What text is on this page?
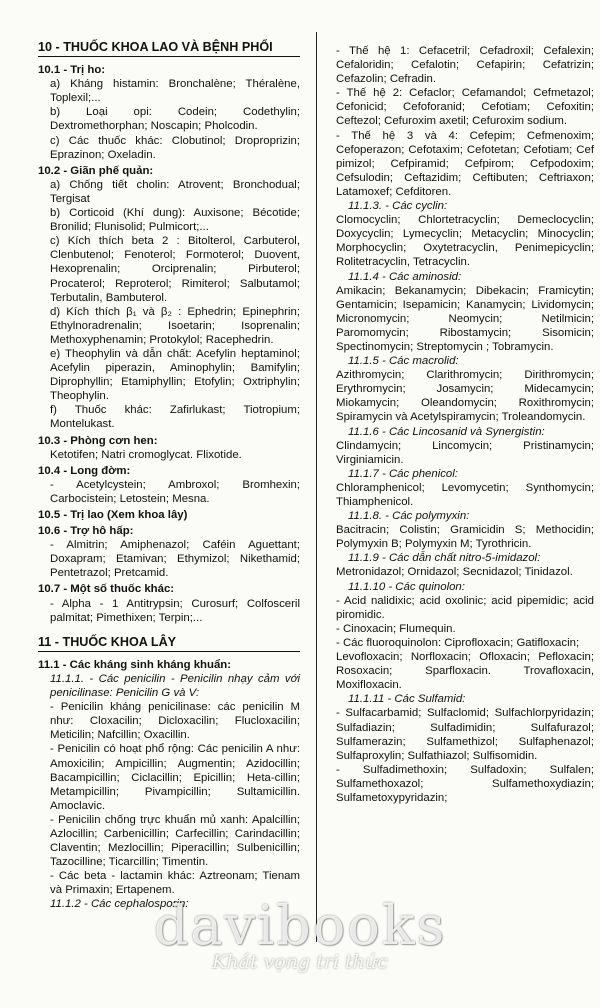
10 - THUỐC KHOA LAO VÀ BỆNH PHỔI
10.1 - Trị ho:
a) Kháng histamin: Bronchalène; Théralène, Toplexil;...
b) Loại opi: Codein; Codethylin; Dextromethorphan; Noscapin; Pholcodin.
c) Các thuốc khác: Clobutinol; Droproprizin; Eprazinon; Oxeladin.
10.2 - Giãn phế quản:
a) Chống tiết cholin: Atrovent; Bronchodual; Tergisat
b) Corticoid (Khí dung): Auxisone; Bécotide; Bronilid; Flunisolid; Pulmicort;...
c) Kích thích beta 2 : Bitolterol, Carbuterol, Clenbutenol; Fenoterol; Formoterol; Duovent, Hexoprenalin; Orciprenalin; Pirbuterol; Procaterol; Reproterol; Rimiterol; Salbutamol; Terbutalin, Bambuterol.
d) Kích thích β₁ và β₂ : Ephedrin; Epinephrin; Ethylnoradrenalin; Isoetarin; Isoprenalin; Methoxyphenamin; Protokylol; Racephedrin.
e) Theophylin và dẫn chất: Acefylin heptaminol; Acefylin piperazin, Aminophylin; Bamifylin; Diprophyllin; Etamiphyllin; Etofylin; Oxtriphylin; Theophylin.
f) Thuốc khác: Zafirlukast; Tiotropium; Montelukast.
10.3 - Phòng cơn hen:
Ketotifen; Natri cromoglycat. Flixotide.
10.4 - Long đờm:
- Acetylcystein; Ambroxol; Bromhexin; Carbocistein; Letostein; Mesna.
10.5 - Trị lao (Xem khoa lây)
10.6 - Trợ hô hấp:
- Almitrin; Amiphenazol; Caféin Aguettant; Doxapram; Etamivan; Ethymizol; Nikethamid; Pentetrazol; Pretcamid.
10.7 - Một số thuốc khác:
- Alpha - 1 Antitrypsin; Curosurf; Colfosceril palmitat; Pimethixen; Terpin;...
11 - THUỐC KHOA LÂY
11.1 - Các kháng sinh kháng khuẩn:
11.1.1. - Các penicilin - Penicilin nhạy cảm với penicilinase: Penicilin G và V:
- Penicilin kháng penicilinase: các penicilin M như: Cloxacilin; Dicloxacilin; Flucloxacilin; Meticilin; Nafcillin; Oxacillin.
- Penicilin có hoạt phổ rộng: Các penicilin A như: Amoxicilin; Ampicillin; Augmentin; Azidocillin; Bacampicillin; Ciclacillin; Epicillin; Heta-cillin; Metampicillin; Pivampicillin; Sultamicillin. Amoclavic.
- Penicilin chống trực khuẩn mủ xanh: Apalcillin; Azlocillin; Carbenicillin; Carfecillin; Carindacillin; Claventin; Mezlocillin; Piperacillin; Sulbenicillin; Tazocilline; Ticarcillin; Timentin.
- Các beta - lactamin khác: Aztreonam; Tienam và Primaxin; Ertapenem.
11.1.2 - Các cephalosporin:
- Thế hệ 1: Cefacetril; Cefadroxil; Cefalexin; Cefaloridin; Cefalotin; Cefapirin; Cefatrizin; Cefazolin; Cefradin.
- Thế hệ 2: Cefaclor; Cefamandol; Cefmetazol; Cefonicid; Cefoforanid; Cefotiam; Cefoxitin; Ceftezol; Cefuroxim axetil; Cefuroxim sodium.
- Thế hệ 3 và 4: Cefepim; Cefmenoxim; Cefoperazon; Cefotaxim; Cefotetan; Cefotiam; Cef pimizol; Cefpiramid; Cefpirom; Cefpodoxim; Cefsulodin; Ceftazidim; Ceftibuten; Ceftriaxon; Latamoxef; Cefditoren.
11.1.3. - Các cyclin:
Clomocyclin; Chlortetracyclin; Demeclocyclin; Doxycyclin; Lymecyclin; Metacyclin; Minocyclin; Morphocyclin; Oxytetracyclin, Penimepicyclin; Rolitetracyclin, Tetracyclin.
11.1.4 - Các aminosid:
Amikacin; Bekanamycin; Dibekacin; Framicytin; Gentamicin; Isepamicin; Kanamycin; Lividomycin; Micronomycin; Neomycin; Netilmicin; Paromomycin; Ribostamycin; Sisomicin; Spectinomycin; Streptomycin ; Tobramycin.
11.1.5 - Các macrolid:
Azithromycin; Clarithromycin; Dirithromycin; Erythromycin; Josamycin; Midecamycin; Miokamycin; Oleandomycin; Roxithromycin; Spiramycin và Acetylspiramycin; Troleandomycin.
11.1.6 - Các Lincosanid và Synergistin:
Clindamycin; Lincomycin; Pristinamycin; Virginiamicin.
11.1.7 - Các phenicol:
Chloramphenicol; Levomycetin; Synthomycin; Thiamphenicol.
11.1.8. - Các polymyxin:
Bacitracin; Colistin; Gramicidin S; Methocidin; Polymyxin B; Polymyxin M; Tyrothricin.
11.1.9 - Các dẫn chất nitro-5-imidazol:
Metronidazol; Ornidazol; Secnidazol; Tinidazol.
11.1.10 - Các quinolon:
- Acid nalidixic; acid oxolinic; acid pipemidic; acid piromidic.
- Cinoxacin; Flumequin.
- Các fluoroquinolon: Ciprofloxacin; Gatifloxacin;
Levofloxacin; Norfloxacin; Ofloxacin; Pefloxacin; Rosoxacin; Sparfloxacin. Trovafloxacin, Moxifloxacin.
11.1.11 - Các Sulfamid:
- Sulfacarbamid; Sulfaclomid; Sulfachlorpyridazin; Sulfadiazin; Sulfadimidin; Sulfafurazol; Sulfamerazin; Sulfamethizol; Sulfaphenazol; Sulfaproxylin; Sulfathiazol; Sulfisomidin.
- Sulfadimethoxin; Sulfadoxin; Sulfalen; Sulfamethoxazol; Sulfamethoxydiazin; Sulfametoxypyridazin;
davibooks
Khát vọng tri thức
